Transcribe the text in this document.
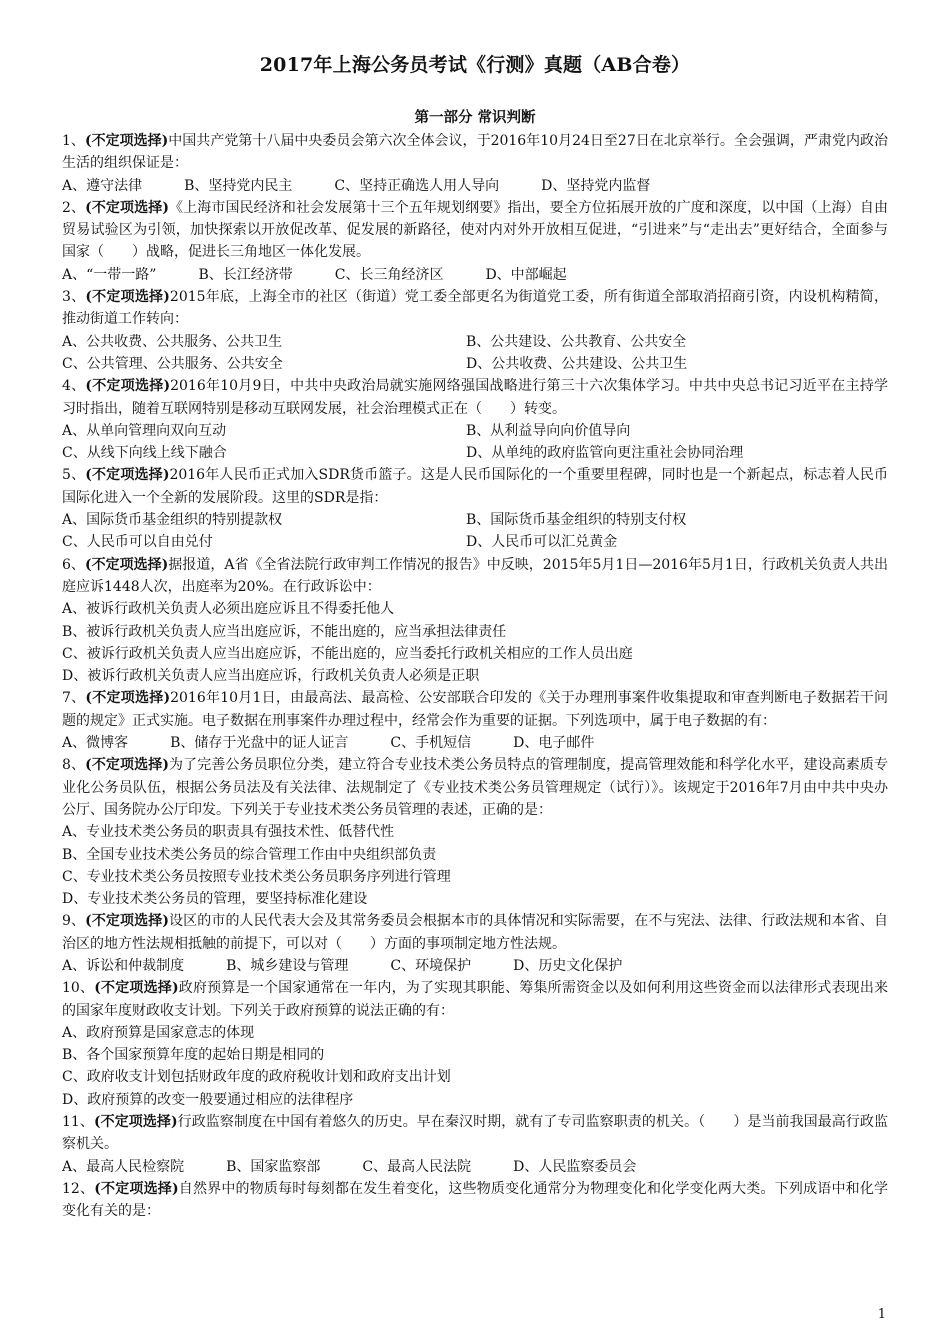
2017年上海公务员考试《行测》真题（AB合卷）
第一部分 常识判断

1、(不定项选择)中国共产党第十八届中央委员会第六次全体会议，于2016年10月24日至27日在北京举行。全会强调，严肃党内政治生活的组织保证是：

A、遵守法律	B、坚持党内民主	C、坚持正确选人用人导向	D、坚持党内监督

2、(不定项选择)《上海市国民经济和社会发展第十三个五年规划纲要》指出，要全方位拓展开放的广度和深度，以中国（上海）自由贸易试验区为引领，加快探索以开放促改革、促发展的新路径，使对内对外开放相互促进，“引进来”与“走出去”更好结合，全面参与国家（　　）战略，促进长三角地区一体化发展。

A、“一带一路”	B、长江经济带	C、长三角经济区	D、中部崛起

3、(不定项选择)2015年底，上海全市的社区（街道）党工委全部更名为街道党工委，所有街道全部取消招商引资，内设机构精简，推动街道工作转向：

A、公共收费、公共服务、公共卫生	B、公共建设、公共教育、公共安全
C、公共管理、公共服务、公共安全	D、公共收费、公共建设、公共卫生

4、(不定项选择)2016年10月9日，中共中央政治局就实施网络强国战略进行第三十六次集体学习。中共中央总书记习近平在主持学习时指出，随着互联网特别是移动互联网发展，社会治理模式正在（　　）转变。

A、从单向管理向双向互动	B、从利益导向向价值导向
C、从线下向线上线下融合	D、从单纯的政府监管向更注重社会协同治理

5、(不定项选择)2016年人民币正式加入SDR货币篮子。这是人民币国际化的一个重要里程碑，同时也是一个新起点，标志着人民币国际化进入一个全新的发展阶段。这里的SDR是指：

A、国际货币基金组织的特别提款权	B、国际货币基金组织的特别支付权
C、人民币可以自由兑付	D、人民币可以汇兑黄金

6、(不定项选择)据报道，A省《全省法院行政审判工作情况的报告》中反映，2015年5月1日—2016年5月1日，行政机关负责人共出庭应诉1448人次，出庭率为20%。在行政诉讼中：

A、被诉行政机关负责人必须出庭应诉且不得委托他人
B、被诉行政机关负责人应当出庭应诉，不能出庭的，应当承担法律责任
C、被诉行政机关负责人应当出庭应诉，不能出庭的，应当委托行政机关相应的工作人员出庭
D、被诉行政机关负责人应当出庭应诉，行政机关负责人必须是正职

7、(不定项选择)2016年10月1日，由最高法、最高检、公安部联合印发的《关于办理刑事案件收集提取和审查判断电子数据若干问题的规定》正式实施。电子数据在刑事案件办理过程中，经常会作为重要的证据。下列选项中，属于电子数据的有：

A、微博客	B、储存于光盘中的证人证言	C、手机短信	D、电子邮件

8、(不定项选择)为了完善公务员职位分类，建立符合专业技术类公务员特点的管理制度，提高管理效能和科学化水平，建设高素质专业化公务员队伍，根据公务员法及有关法律、法规制定了《专业技术类公务员管理规定（试行）》。该规定于2016年7月由中共中央办公厅、国务院办公厅印发。下列关于专业技术类公务员管理的表述，正确的是：

A、专业技术类公务员的职责具有强技术性、低替代性
B、全国专业技术类公务员的综合管理工作由中央组织部负责
C、专业技术类公务员按照专业技术类公务员职务序列进行管理
D、专业技术类公务员的管理，要坚持标准化建设

9、(不定项选择)设区的市的人民代表大会及其常务委员会根据本市的具体情况和实际需要，在不与宪法、法律、行政法规和本省、自治区的地方性法规相抵触的前提下，可以对（　　）方面的事项制定地方性法规。

A、诉讼和仲裁制度	B、城乡建设与管理	C、环境保护	D、历史文化保护

10、(不定项选择)政府预算是一个国家通常在一年内，为了实现其职能、筹集所需资金以及如何利用这些资金而以法律形式表现出来的国家年度财政收支计划。下列关于政府预算的说法正确的有：

A、政府预算是国家意志的体现
B、各个国家预算年度的起始日期是相同的
C、政府收支计划包括财政年度的政府税收计划和政府支出计划
D、政府预算的改变一般要通过相应的法律程序

11、(不定项选择)行政监察制度在中国有着悠久的历史。早在秦汉时期，就有了专司监察职责的机关。（　　）是当前我国最高行政监察机关。

A、最高人民检察院	B、国家监察部	C、最高人民法院	D、人民监察委员会

12、(不定项选择)自然界中的物质每时每刻都在发生着变化，这些物质变化通常分为物理变化和化学变化两大类。下列成语中和化学变化有关的是：

1
